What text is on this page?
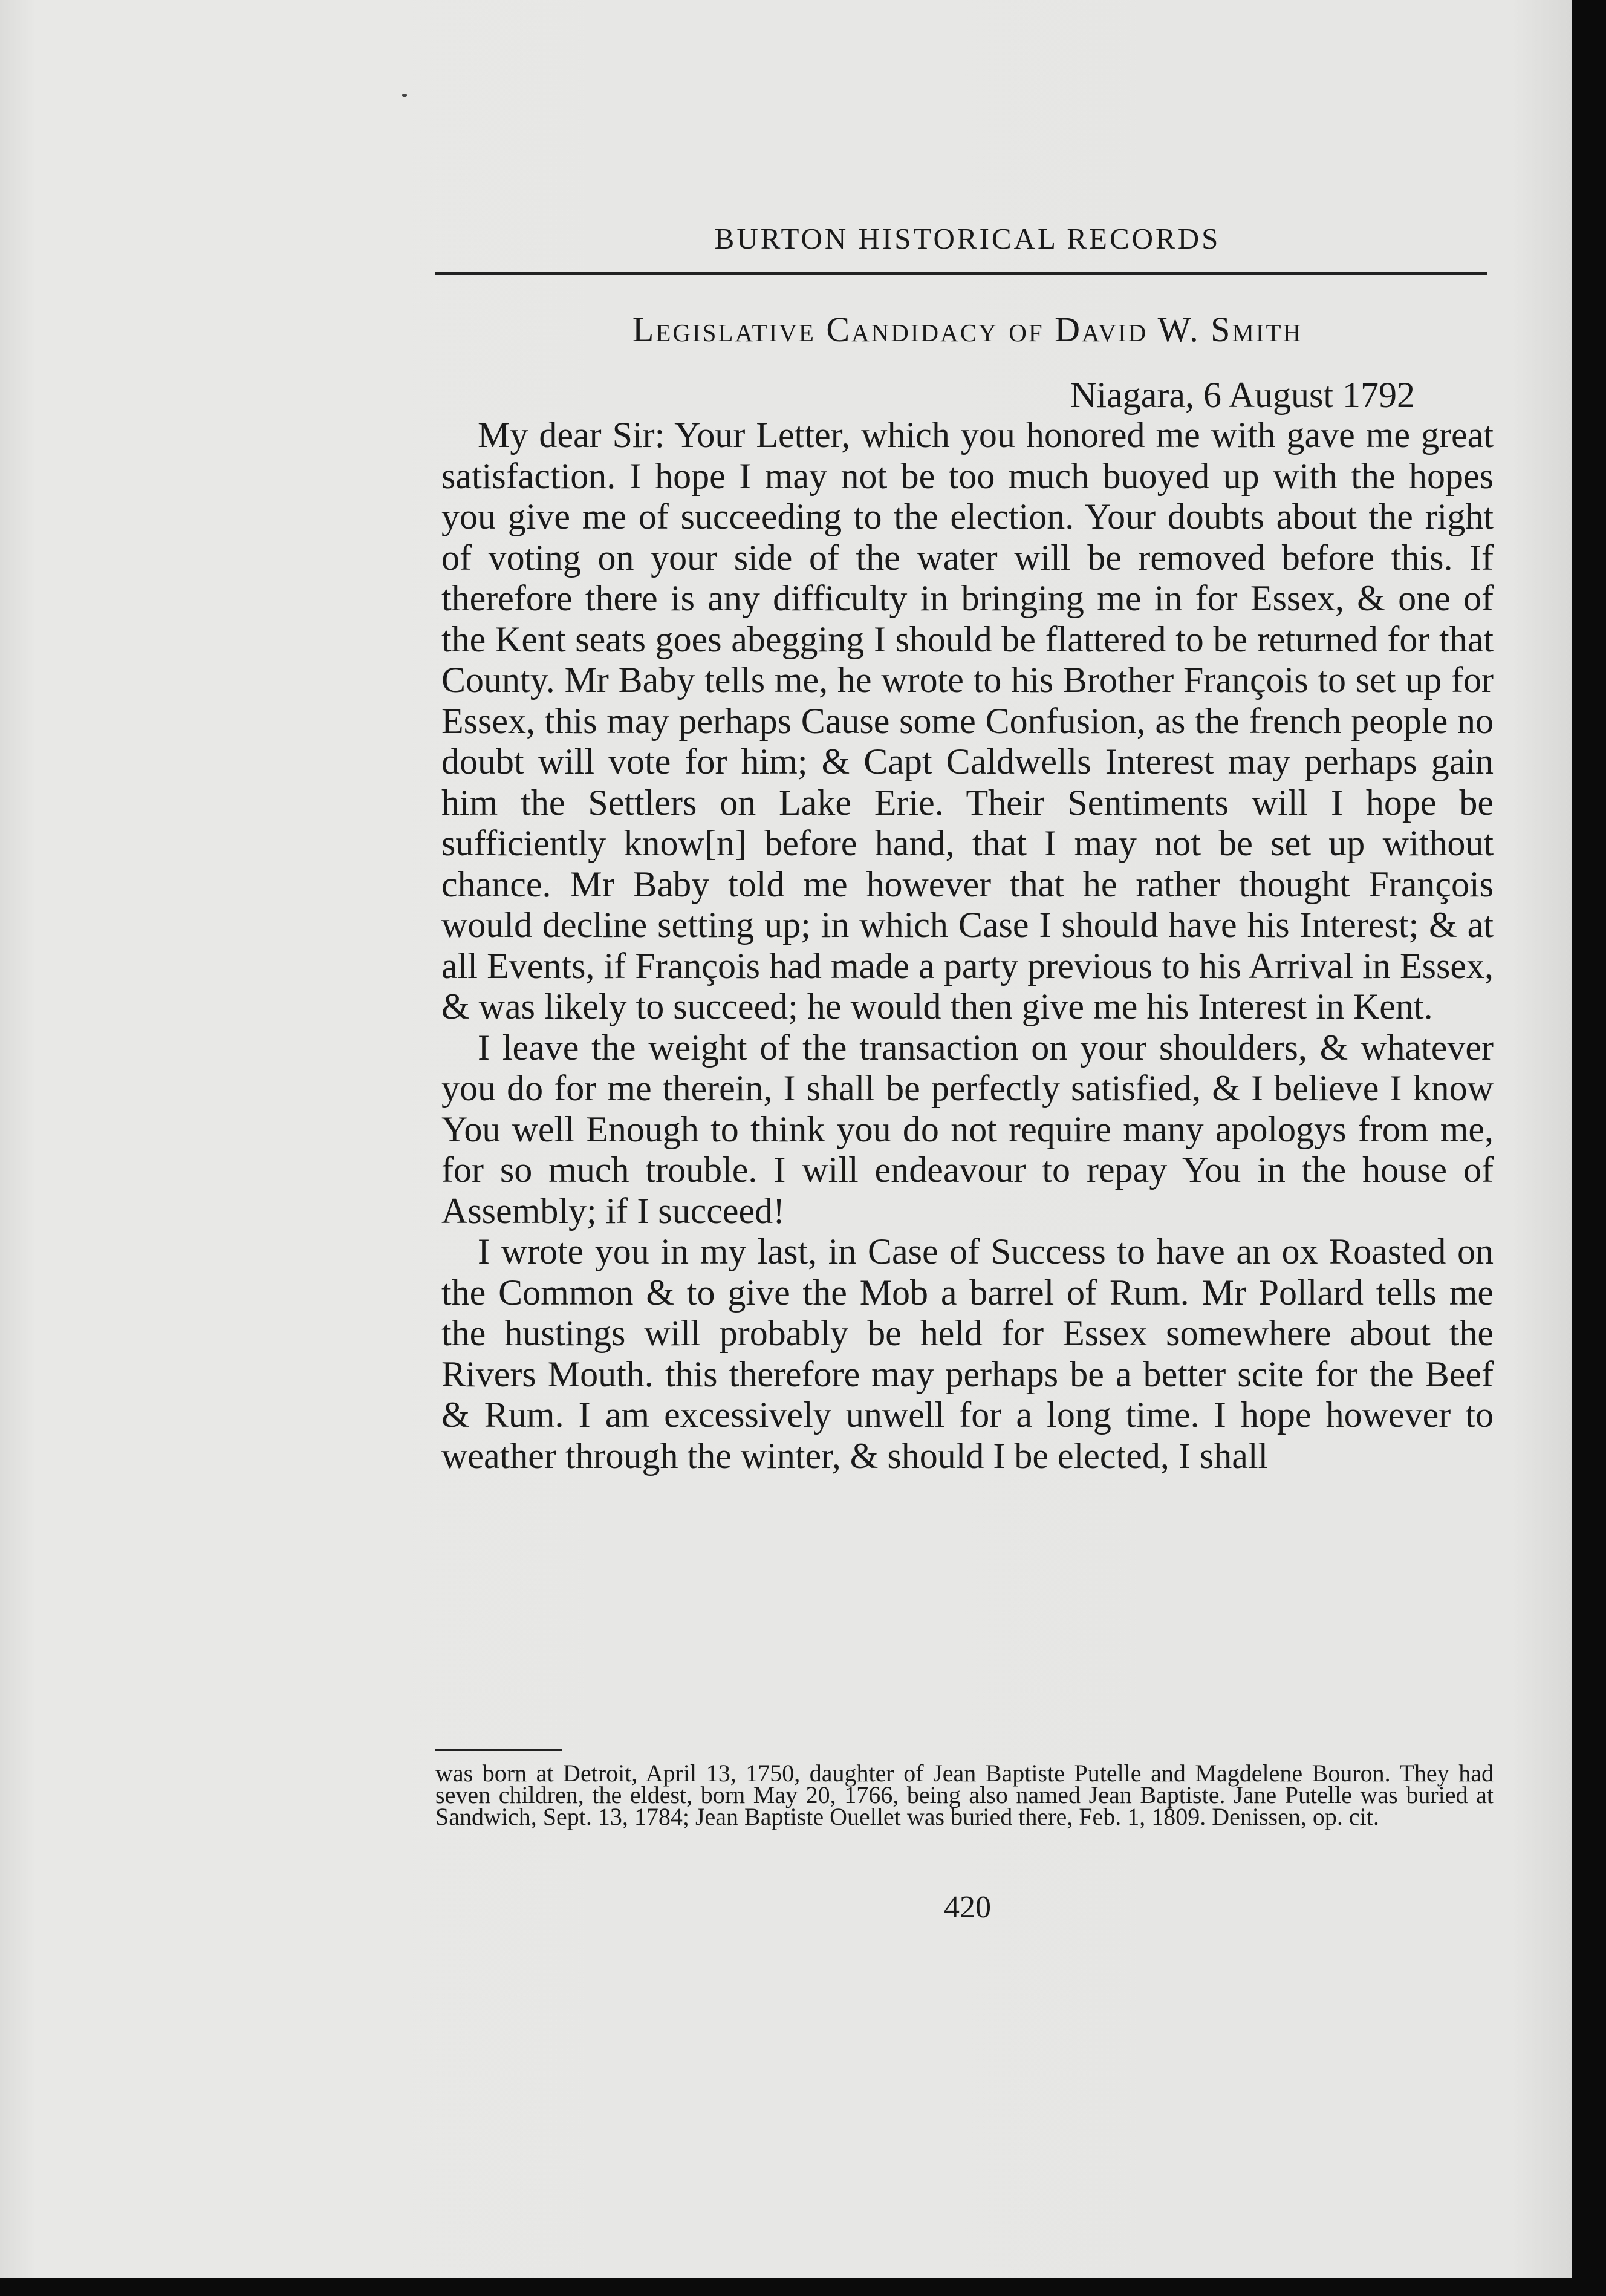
BURTON HISTORICAL RECORDS
Legislative Candidacy of David W. Smith
Niagara, 6 August 1792

My dear Sir: Your Letter, which you honored me with gave me great satisfaction. I hope I may not be too much buoyed up with the hopes you give me of succeeding to the election. Your doubts about the right of voting on your side of the water will be removed before this. If therefore there is any difficulty in bringing me in for Essex, & one of the Kent seats goes abegging I should be flattered to be returned for that County. Mr Baby tells me, he wrote to his Brother François to set up for Essex, this may perhaps Cause some Confusion, as the french people no doubt will vote for him; & Capt Caldwells Interest may perhaps gain him the Settlers on Lake Erie. Their Sentiments will I hope be sufficiently know[n] before hand, that I may not be set up without chance. Mr Baby told me however that he rather thought François would decline setting up; in which Case I should have his Interest; & at all Events, if François had made a party previous to his Arrival in Essex, & was likely to succeed; he would then give me his Interest in Kent.

I leave the weight of the transaction on your shoulders, & whatever you do for me therein, I shall be perfectly satisfied, & I believe I know You well Enough to think you do not require many apologys from me, for so much trouble. I will endeavour to repay You in the house of Assembly; if I succeed!

I wrote you in my last, in Case of Success to have an ox Roasted on the Common & to give the Mob a barrel of Rum. Mr Pollard tells me the hustings will probably be held for Essex somewhere about the Rivers Mouth. this therefore may perhaps be a better scite for the Beef & Rum. I am excessively unwell for a long time. I hope however to weather through the winter, & should I be elected, I shall

was born at Detroit, April 13, 1750, daughter of Jean Baptiste Putelle and Magdelene Bouron. They had seven children, the eldest, born May 20, 1766, being also named Jean Baptiste. Jane Putelle was buried at Sandwich, Sept. 13, 1784; Jean Baptiste Ouellet was buried there, Feb. 1, 1809. Denissen, op. cit.

420
